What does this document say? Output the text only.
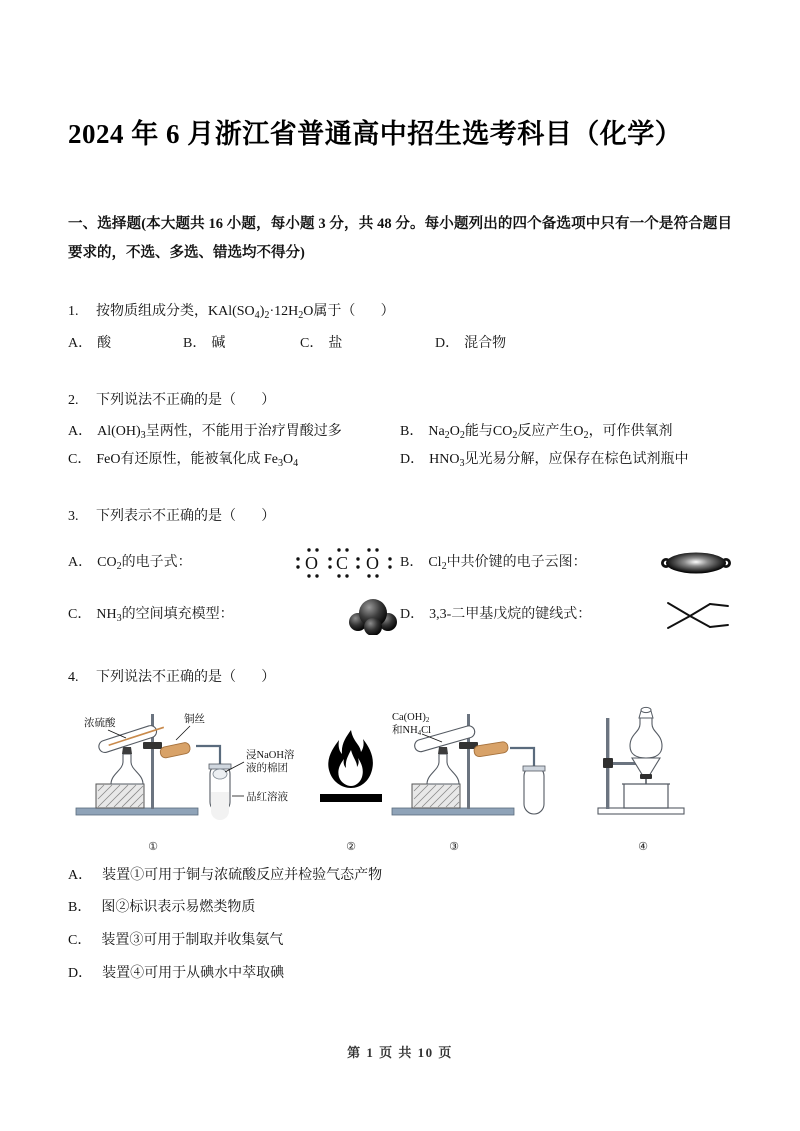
2024 年 6 月浙江省普通高中招生选考科目（化学）
一、选择题(本大题共 16 小题，每小题 3 分，共 48 分。每小题列出的四个备选项中只有一个是符合题目要求的，不选、多选、错选均不得分)
1.	按物质组成分类，$KAl(SO_4)_2\cdot 12H_2O$属于（ ）
A． 酸	B． 碱	C． 盐	D． 混合物
2.	下列说法不正确的是（ ）
A． $Al(OH)_3$呈两性，不能用于治疗胃酸过多	B． $Na_2O_2$能与$CO_2$反应产生$O_2$，可作供氧剂
C． FeO有还原性，能被氧化成 $Fe_3O_4$	D． $HNO_3$见光易分解，应保存在棕色试剂瓶中
3.	下列表示不正确的是（ ）
A． $CO_2$的电子式：	O C O B． $Cl_2$中共价键的电子云图：
C． $NH_3$的空间填充模型：	D． 3,3-二甲基戊烷的键线式：
4.	下列说法不正确的是（ ）
浓硫酸	铜丝
浸NaOH溶
液的棉团
品红溶液
①	②
Ca(OH)2
和NH4Cl
③	④
A． 装置①可用于铜与浓硫酸反应并检验气态产物
B． 图②标识表示易燃类物质
C． 装置③可用于制取并收集氨气
D． 装置④可用于从碘水中萃取碘
第 1 页 共 10 页
